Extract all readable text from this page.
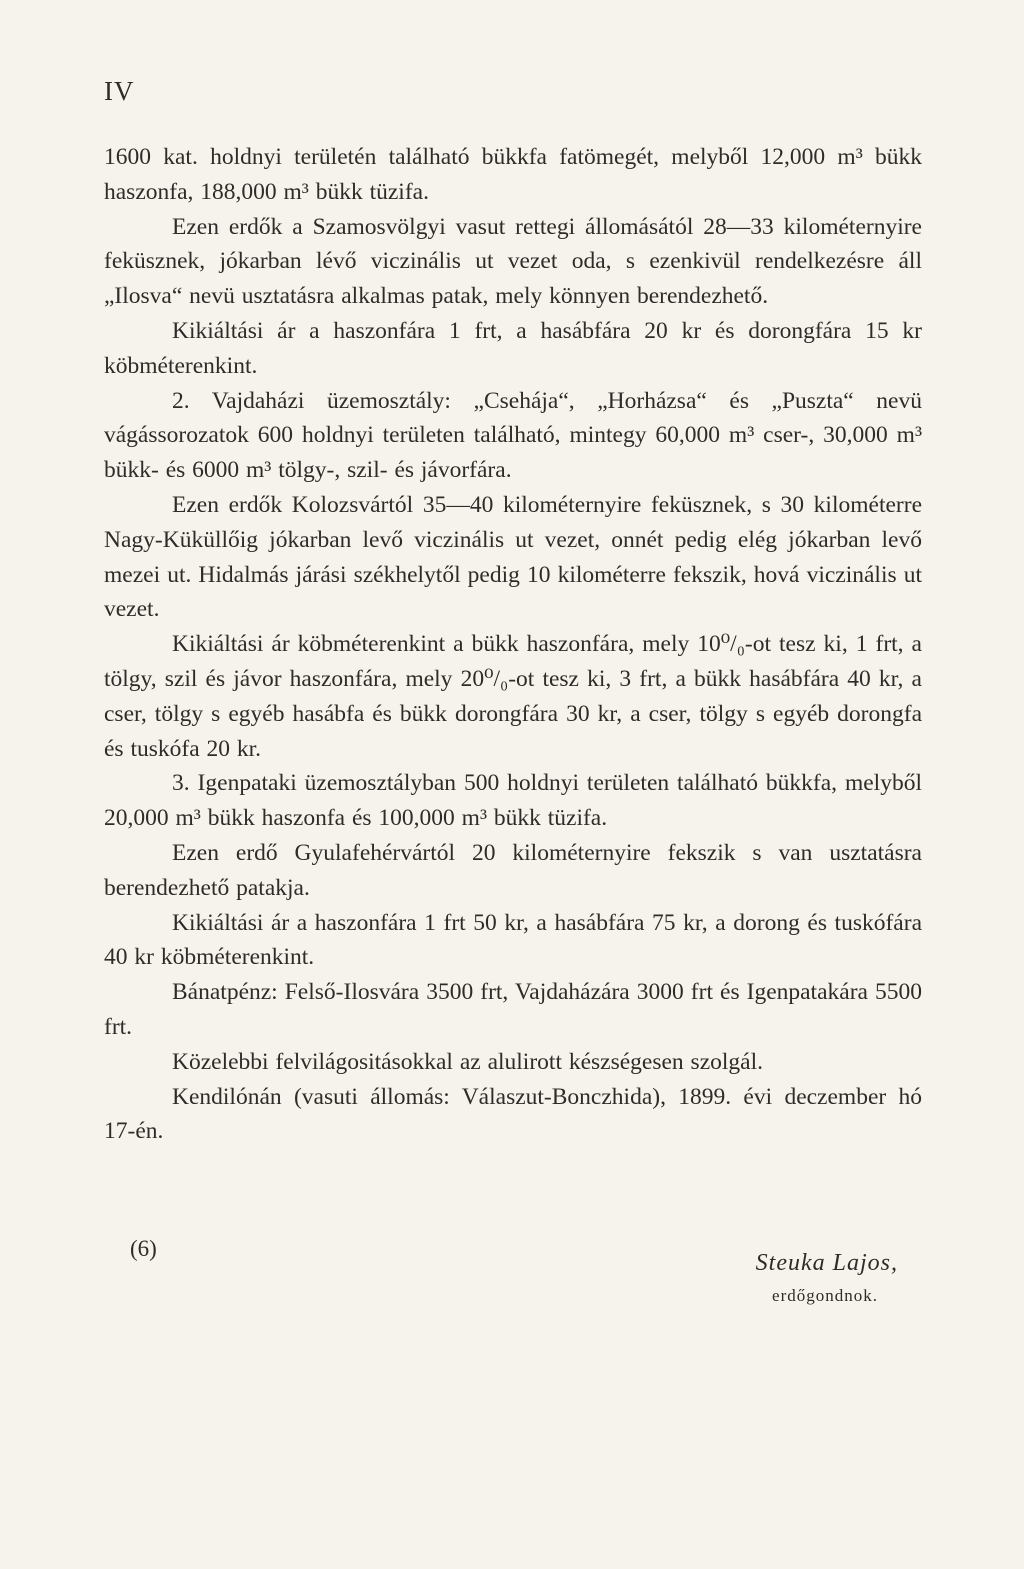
IV

1600 kat. holdnyi területén található bükkfa fatömegét, melyből 12,000 m³ bükk haszonfa, 188,000 m³ bükk tüzifa.

Ezen erdők a Szamosvölgyi vasut rettegi állomásától 28—33 kilométernyire feküsznek, jókarban lévő viczinális ut vezet oda, s ezenkivül rendelkezésre áll „Ilosva“ nevü usztatásra alkalmas patak, mely könnyen berendezhető.

Kikiáltási ár a haszonfára 1 frt, a hasábfára 20 kr és dorongfára 15 kr köbméterenkint.

2. Vajdaházi üzemosztály: „Csehája“, „Horházsa“ és „Puszta“ nevü vágássorozatok 600 holdnyi területen található, mintegy 60,000 m³ cser-, 30,000 m³ bükk- és 6000 m³ tölgy-, szil- és jávorfára.

Ezen erdők Kolozsvártól 35—40 kilométernyire feküsznek, s 30 kilométerre Nagy-Küküllőig jókarban levő viczinális ut vezet, onnét pedig elég jókarban levő mezei ut. Hidalmás járási székhelytől pedig 10 kilométerre fekszik, hová viczinális ut vezet.

Kikiáltási ár köbméterenkint a bükk haszonfára, mely 10⁰/₀-ot tesz ki, 1 frt, a tölgy, szil és jávor haszonfára, mely 20⁰/₀-ot tesz ki, 3 frt, a bükk hasábfára 40 kr, a cser, tölgy s egyéb hasábfa és bükk dorongfára 30 kr, a cser, tölgy s egyéb dorongfa és tuskófa 20 kr.

3. Igenpataki üzemosztályban 500 holdnyi területen található bükkfa, melyből 20,000 m³ bükk haszonfa és 100,000 m³ bükk tüzifa.

Ezen erdő Gyulafehérvártól 20 kilométernyire fekszik s van usztatásra berendezhető patakja.

Kikiáltási ár a haszonfára 1 frt 50 kr, a hasábfára 75 kr, a dorong és tuskófára 40 kr köbméterenkint.

Bánatpénz: Felső-Ilosvára 3500 frt, Vajdaházára 3000 frt és Igenpatakára 5500 frt.

Közelebbi felvilágositásokkal az alulirott készségesen szolgál.

Kendilónán (vasuti állomás: Válaszut-Bonczhida), 1899. évi deczember hó 17-én.

(6)
Steuka Lajos,
erdőgondnok.
